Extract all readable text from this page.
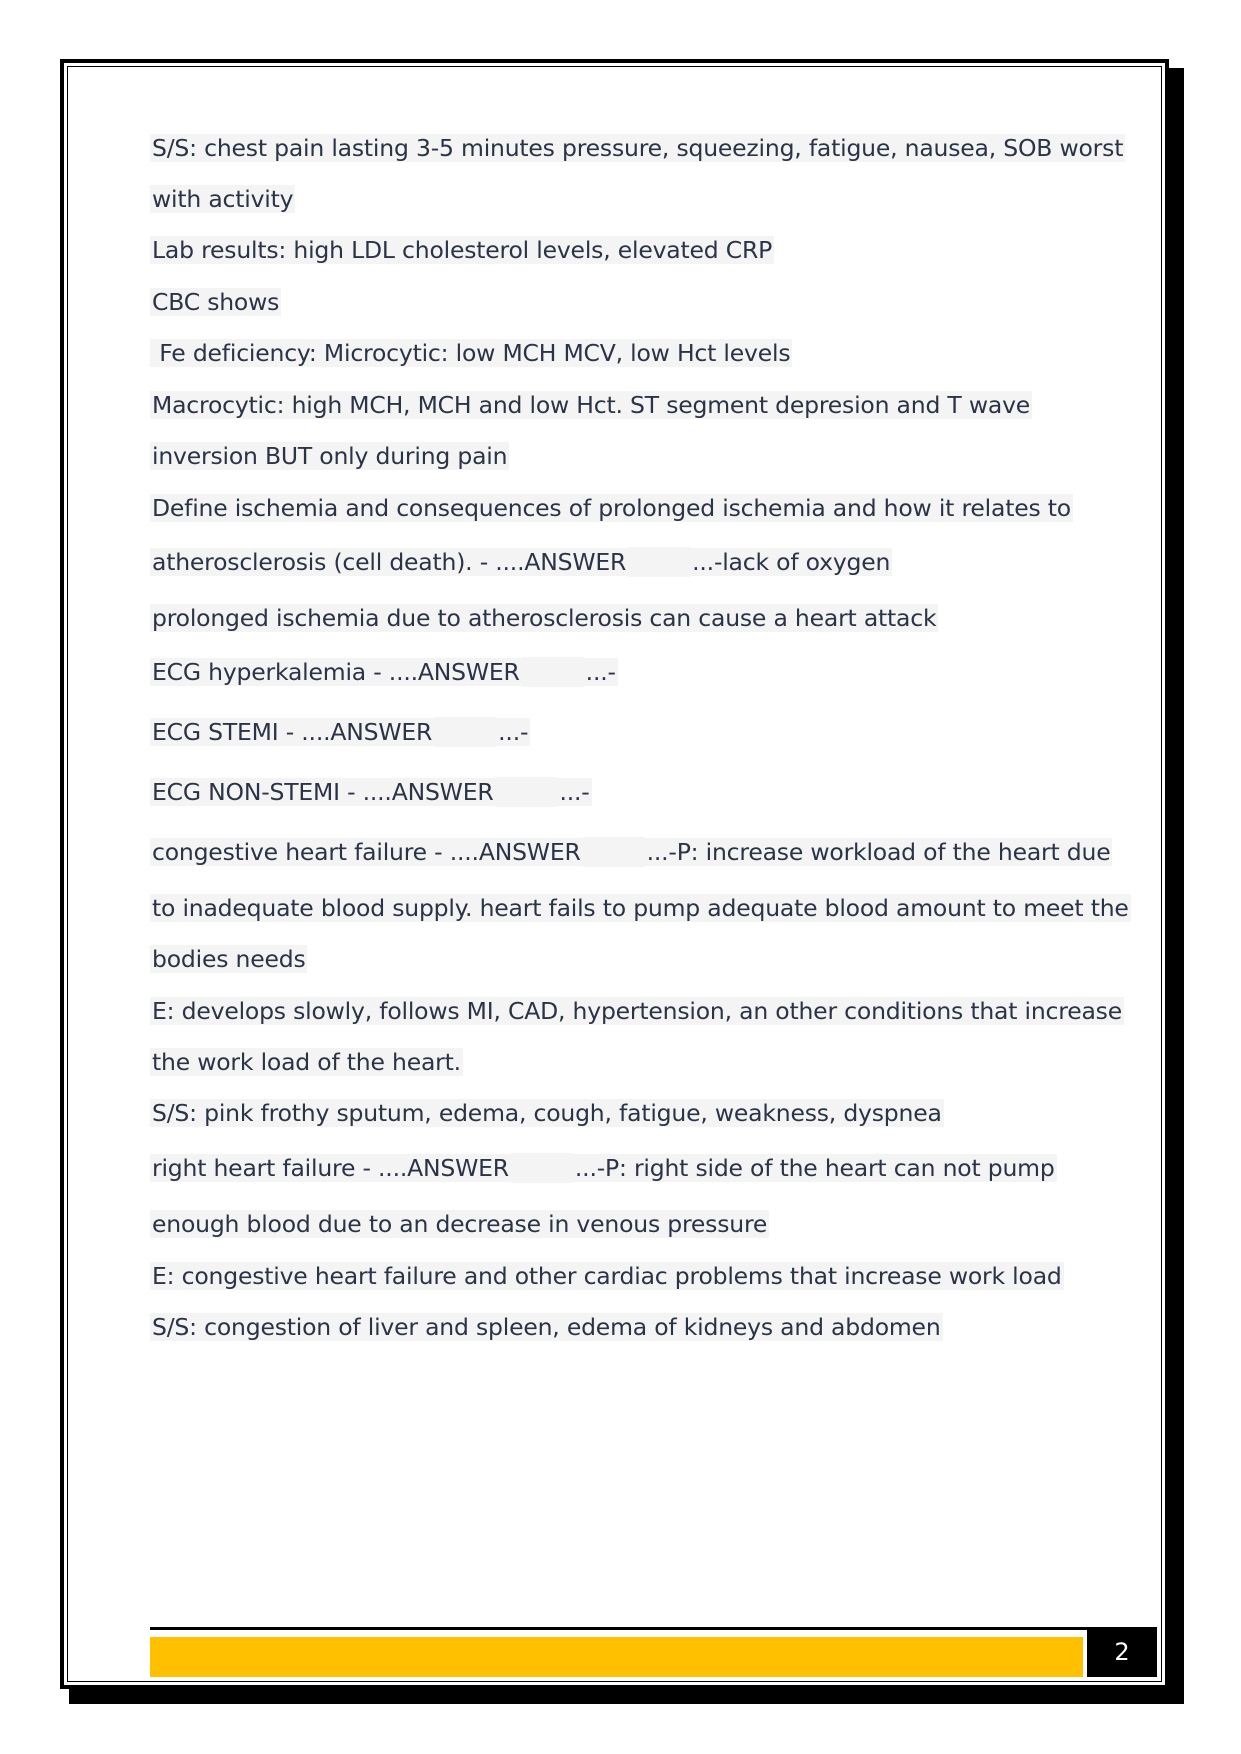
S/S: chest pain lasting 3-5 minutes pressure, squeezing, fatigue, nausea, SOB worst
with activity
Lab results: high LDL cholesterol levels, elevated CRP
CBC shows
Fe deficiency: Microcytic: low MCH MCV, low Hct levels
Macrocytic: high MCH, MCH and low Hct. ST segment depresion and T wave
inversion BUT only during pain
Define ischemia and consequences of prolonged ischemia and how it relates to
atherosclerosis (cell death). - ....ANSWER	...-lack of oxygen
prolonged ischemia due to atherosclerosis can cause a heart attack
ECG hyperkalemia - ....ANSWER	...-
ECG STEMI - ....ANSWER	...-
ECG NON-STEMI - ....ANSWER	...-
congestive heart failure - ....ANSWER	...-P: increase workload of the heart due
to inadequate blood supply. heart fails to pump adequate blood amount to meet the
bodies needs
E: develops slowly, follows MI, CAD, hypertension, an other conditions that increase
the work load of the heart.
S/S: pink frothy sputum, edema, cough, fatigue, weakness, dyspnea
right heart failure - ....ANSWER	...-P: right side of the heart can not pump
enough blood due to an decrease in venous pressure
E: congestive heart failure and other cardiac problems that increase work load
S/S: congestion of liver and spleen, edema of kidneys and abdomen
2
